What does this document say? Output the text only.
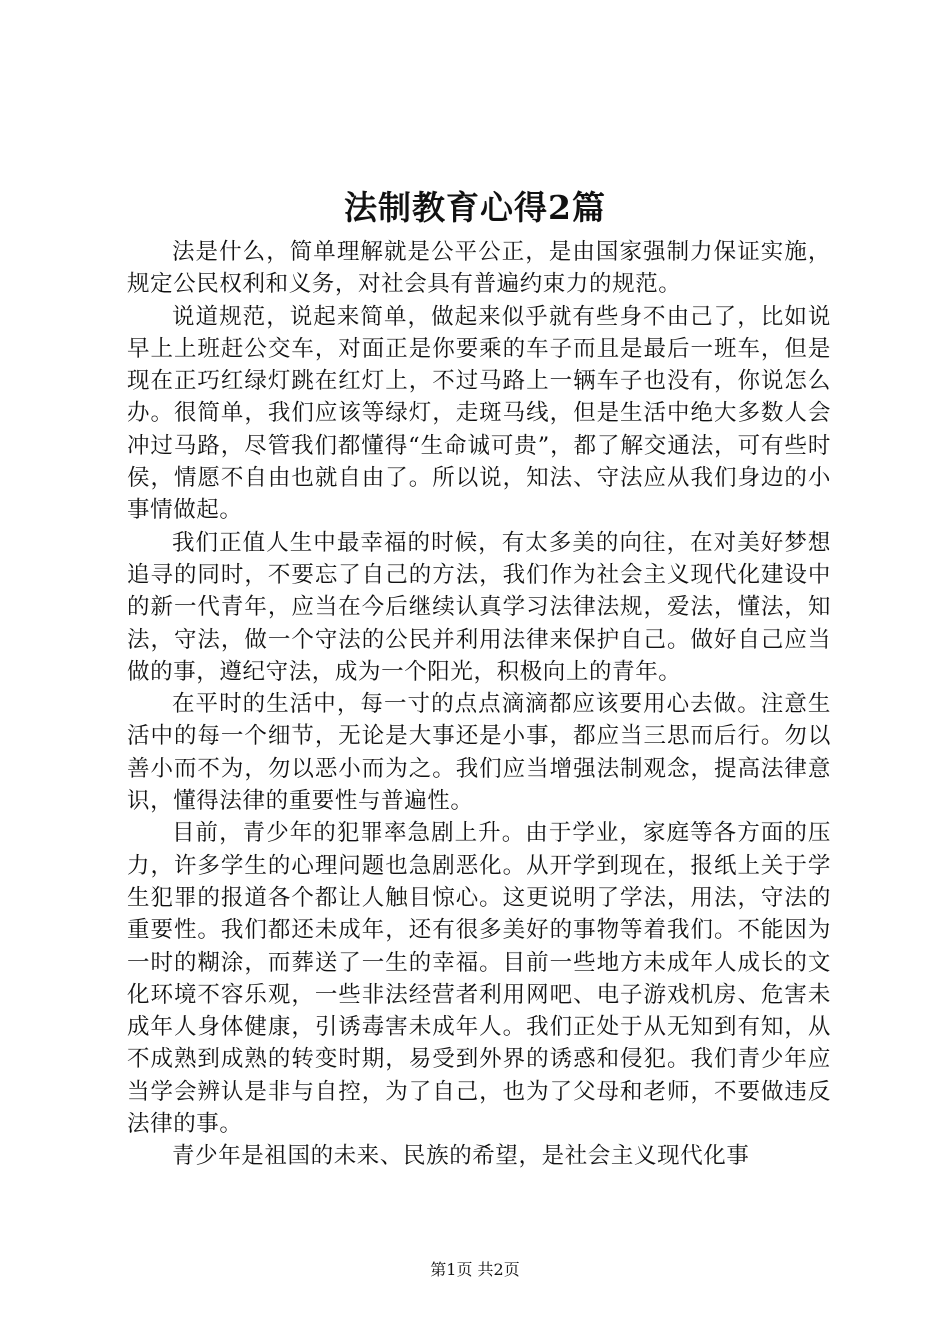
法制教育心得2篇

法是什么，简单理解就是公平公正，是由国家强制力保证实施，规定公民权利和义务，对社会具有普遍约束力的规范。

说道规范，说起来简单，做起来似乎就有些身不由己了，比如说早上上班赶公交车，对面正是你要乘的车子而且是最后一班车，但是现在正巧红绿灯跳在红灯上，不过马路上一辆车子也没有，你说怎么办。很简单，我们应该等绿灯，走斑马线，但是生活中绝大多数人会冲过马路，尽管我们都懂得“生命诚可贵”，都了解交通法，可有些时侯，情愿不自由也就自由了。所以说，知法、守法应从我们身边的小事情做起。

我们正值人生中最幸福的时候，有太多美的向往，在对美好梦想追寻的同时，不要忘了自己的方法，我们作为社会主义现代化建设中的新一代青年，应当在今后继续认真学习法律法规，爱法，懂法，知法，守法，做一个守法的公民并利用法律来保护自己。做好自己应当做的事，遵纪守法，成为一个阳光，积极向上的青年。

在平时的生活中，每一寸的点点滴滴都应该要用心去做。注意生活中的每一个细节，无论是大事还是小事，都应当三思而后行。勿以善小而不为，勿以恶小而为之。我们应当增强法制观念，提高法律意识，懂得法律的重要性与普遍性。

目前，青少年的犯罪率急剧上升。由于学业，家庭等各方面的压力，许多学生的心理问题也急剧恶化。从开学到现在，报纸上关于学生犯罪的报道各个都让人触目惊心。这更说明了学法，用法，守法的重要性。我们都还未成年，还有很多美好的事物等着我们。不能因为一时的糊涂，而葬送了一生的幸福。目前一些地方未成年人成长的文化环境不容乐观，一些非法经营者利用网吧、电子游戏机房、危害未成年人身体健康，引诱毒害未成年人。我们正处于从无知到有知，从不成熟到成熟的转变时期，易受到外界的诱惑和侵犯。我们青少年应当学会辨认是非与自控，为了自己，也为了父母和老师，不要做违反法律的事。

青少年是祖国的未来、民族的希望，是社会主义现代化事

第1页 共2页
